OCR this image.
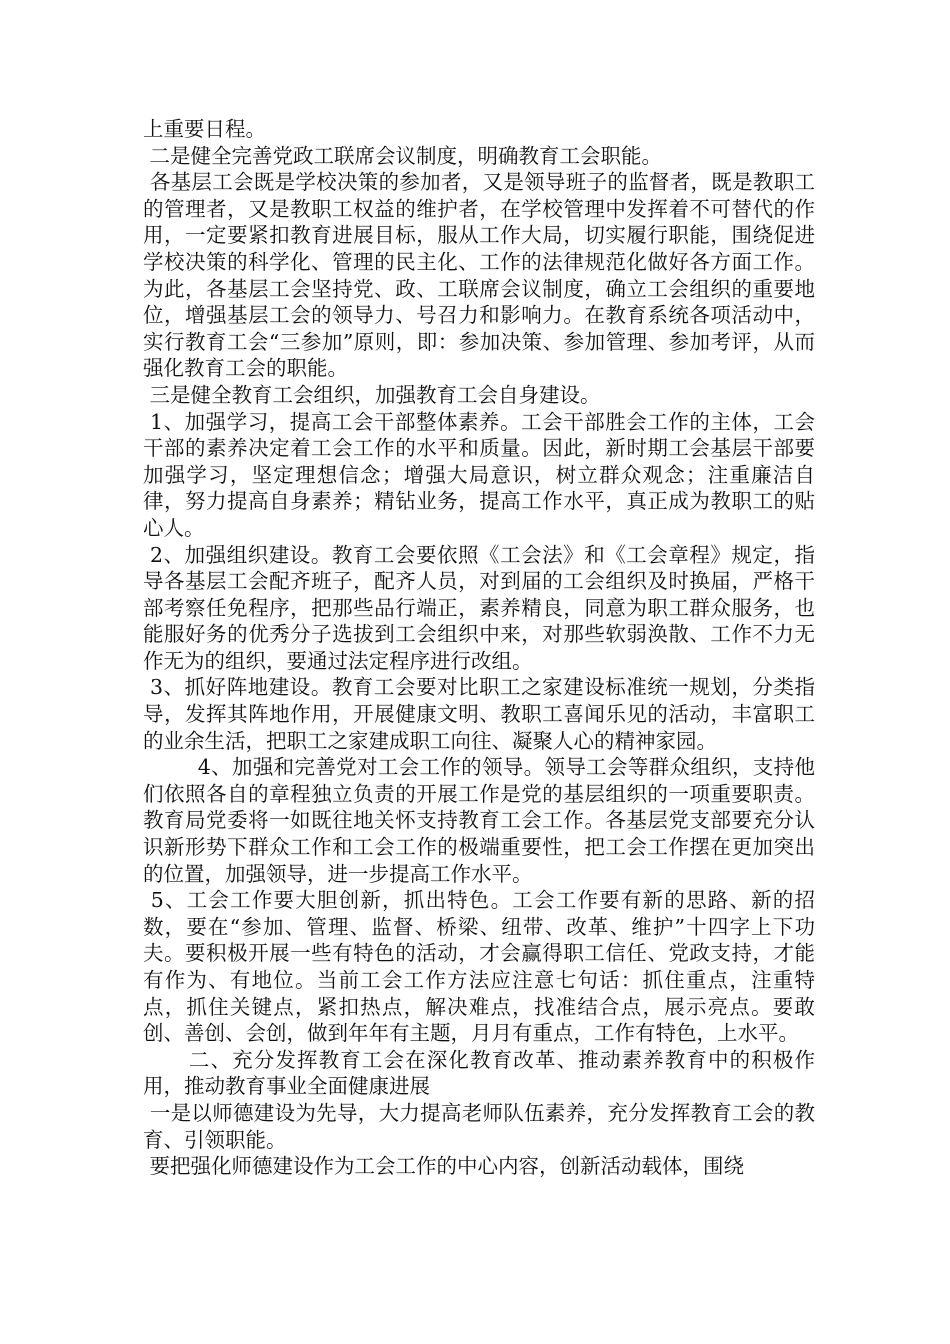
上重要日程。

二是健全完善党政工联席会议制度，明确教育工会职能。

各基层工会既是学校决策的参加者，又是领导班子的监督者，既是教职工的管理者，又是教职工权益的维护者，在学校管理中发挥着不可替代的作用，一定要紧扣教育进展目标，服从工作大局，切实履行职能，围绕促进学校决策的科学化、管理的民主化、工作的法律规范化做好各方面工作。为此，各基层工会坚持党、政、工联席会议制度，确立工会组织的重要地位，增强基层工会的领导力、号召力和影响力。在教育系统各项活动中，实行教育工会“三参加”原则，即：参加决策、参加管理、参加考评，从而强化教育工会的职能。

三是健全教育工会组织，加强教育工会自身建设。

1、加强学习，提高工会干部整体素养。工会干部胜会工作的主体，工会干部的素养决定着工会工作的水平和质量。因此，新时期工会基层干部要加强学习，坚定理想信念；增强大局意识，树立群众观念；注重廉洁自律，努力提高自身素养；精钻业务，提高工作水平，真正成为教职工的贴心人。

2、加强组织建设。教育工会要依照《工会法》和《工会章程》规定，指导各基层工会配齐班子，配齐人员，对到届的工会组织及时换届，严格干部考察任免程序，把那些品行端正，素养精良，同意为职工群众服务，也能服好务的优秀分子选拔到工会组织中来，对那些软弱涣散、工作不力无作无为的组织，要通过法定程序进行改组。

3、抓好阵地建设。教育工会要对比职工之家建设标准统一规划，分类指导，发挥其阵地作用，开展健康文明、教职工喜闻乐见的活动，丰富职工的业余生活，把职工之家建成职工向往、凝聚人心的精神家园。

4、加强和完善党对工会工作的领导。领导工会等群众组织，支持他们依照各自的章程独立负责的开展工作是党的基层组织的一项重要职责。教育局党委将一如既往地关怀支持教育工会工作。各基层党支部要充分认识新形势下群众工作和工会工作的极端重要性，把工会工作摆在更加突出的位置，加强领导，进一步提高工作水平。

5、工会工作要大胆创新，抓出特色。工会工作要有新的思路、新的招数，要在“参加、管理、监督、桥梁、纽带、改革、维护”十四字上下功夫。要积极开展一些有特色的活动，才会赢得职工信任、党政支持，才能有作为、有地位。当前工会工作方法应注意七句话：抓住重点，注重特点，抓住关键点，紧扣热点，解决难点，找准结合点，展示亮点。要敢创、善创、会创，做到年年有主题，月月有重点，工作有特色，上水平。

二、充分发挥教育工会在深化教育改革、推动素养教育中的积极作用，推动教育事业全面健康进展

一是以师德建设为先导，大力提高老师队伍素养，充分发挥教育工会的教育、引领职能。

要把强化师德建设作为工会工作的中心内容，创新活动载体，围绕
